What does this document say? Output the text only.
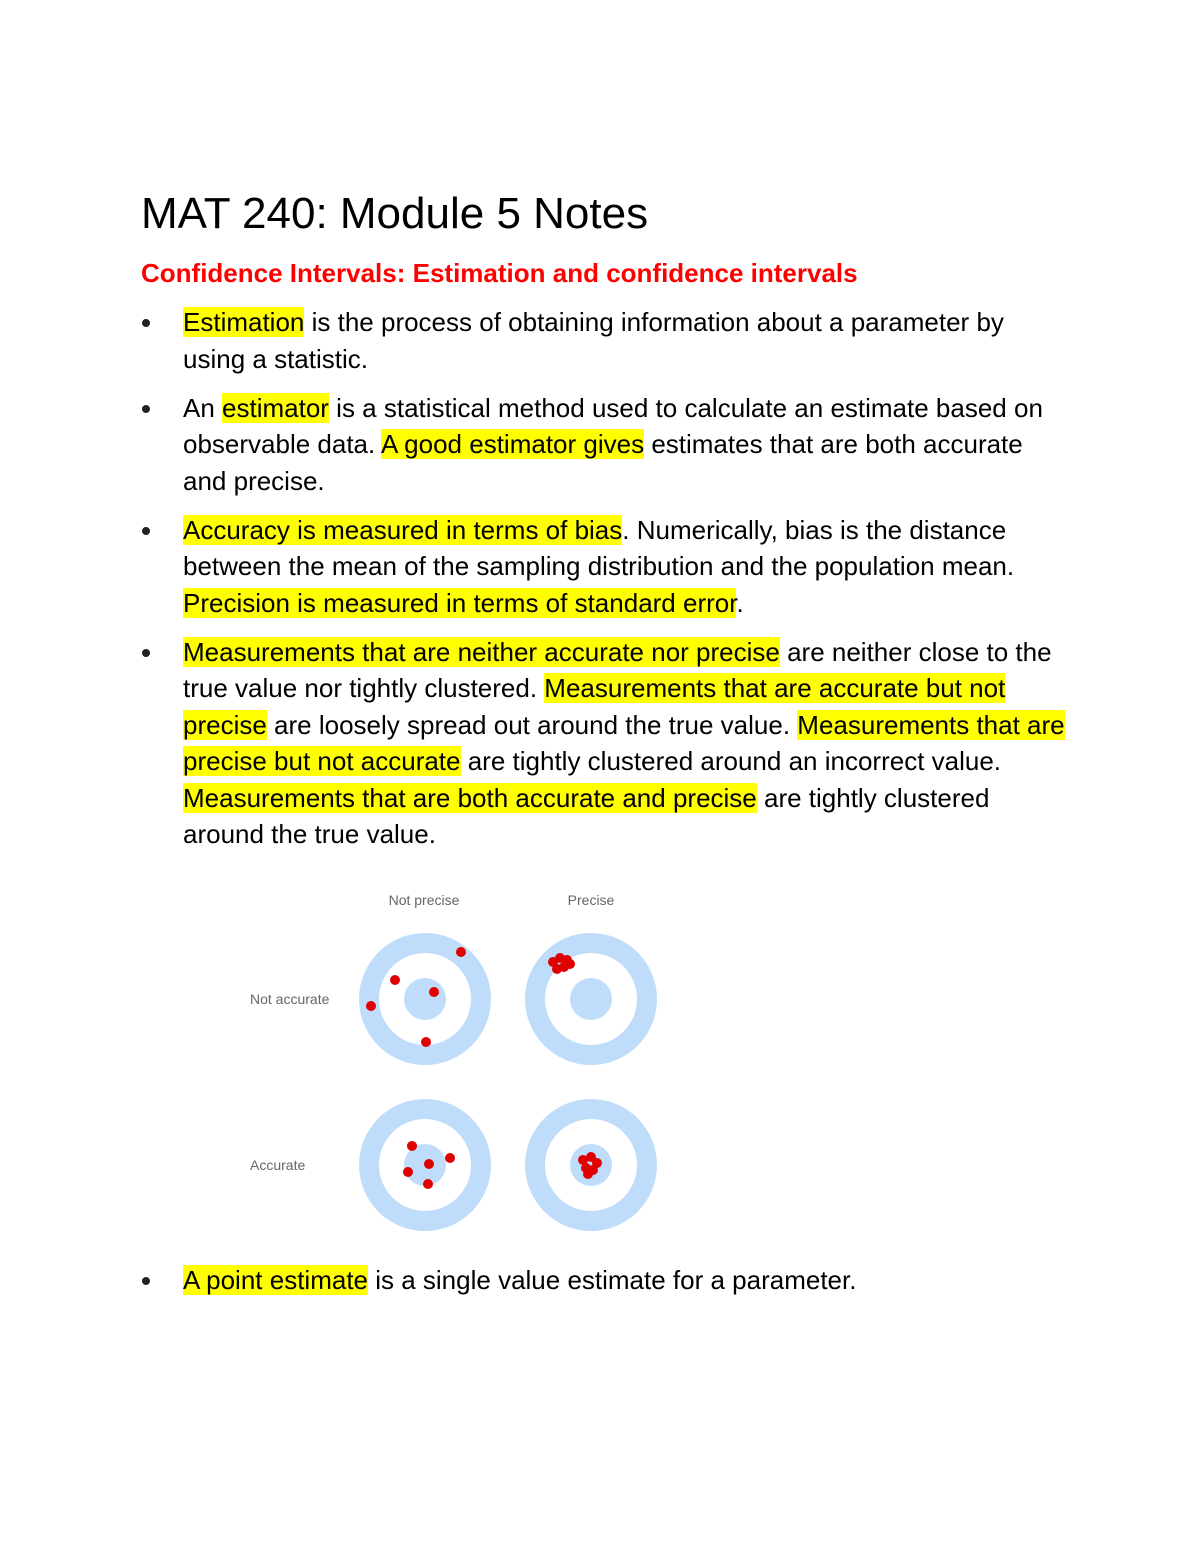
MAT 240: Module 5 Notes
Confidence Intervals: Estimation and confidence intervals
Estimation is the process of obtaining information about a parameter by using a statistic.
An estimator is a statistical method used to calculate an estimate based on observable data. A good estimator gives estimates that are both accurate and precise.
Accuracy is measured in terms of bias. Numerically, bias is the distance between the mean of the sampling distribution and the population mean. Precision is measured in terms of standard error.
Measurements that are neither accurate nor precise are neither close to the true value nor tightly clustered. Measurements that are accurate but not precise are loosely spread out around the true value. Measurements that are precise but not accurate are tightly clustered around an incorrect value. Measurements that are both accurate and precise are tightly clustered around the true value.
Not precise	Precise
Not accurate
Accurate
A point estimate is a single value estimate for a parameter.
